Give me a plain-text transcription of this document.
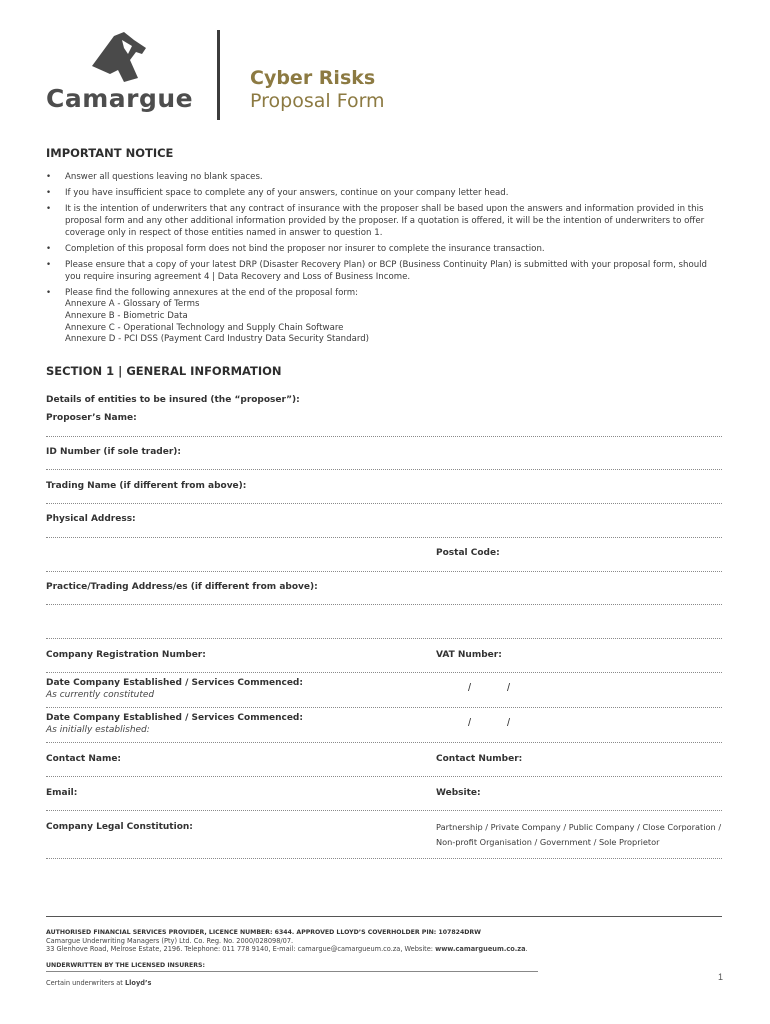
Camargue
Cyber Risks
Proposal Form
IMPORTANT NOTICE
• Answer all questions leaving no blank spaces.
• If you have insufficient space to complete any of your answers, continue on your company letter head.
• It is the intention of underwriters that any contract of insurance with the proposer shall be based upon the answers and information provided in this proposal form and any other additional information provided by the proposer. If a quotation is offered, it will be the intention of underwriters to offer coverage only in respect of those entities named in answer to question 1.
• Completion of this proposal form does not bind the proposer nor insurer to complete the insurance transaction.
• Please ensure that a copy of your latest DRP (Disaster Recovery Plan) or BCP (Business Continuity Plan) is submitted with your proposal form, should you require insuring agreement 4 | Data Recovery and Loss of Business Income.
• Please find the following annexures at the end of the proposal form:
Annexure A - Glossary of Terms
Annexure B - Biometric Data
Annexure C - Operational Technology and Supply Chain Software
Annexure D - PCI DSS (Payment Card Industry Data Security Standard)
SECTION 1 | GENERAL INFORMATION
Details of entities to be insured (the “proposer”):
Proposer’s Name:
ID Number (if sole trader):
Trading Name (if different from above):
Physical Address:
Postal Code:
Practice/Trading Address/es (if different from above):
Company Registration Number:	VAT Number:
Date Company Established / Services Commenced:
As currently constituted
/	/
Date Company Established / Services Commenced:
As initially established:
/	/
Contact Name:	Contact Number:
Email:	Website:
Company Legal Constitution:	Partnership / Private Company / Public Company / Close Corporation /
Non-profit Organisation / Government / Sole Proprietor
AUTHORISED FINANCIAL SERVICES PROVIDER, LICENCE NUMBER: 6344. APPROVED LLOYD’S COVERHOLDER PIN: 107824DRW
Camargue Underwriting Managers (Pty) Ltd. Co. Reg. No. 2000/028098/07.
33 Glenhove Road, Melrose Estate, 2196. Telephone: 011 778 9140, E-mail: camargue@camargueum.co.za, Website: www.camargueum.co.za.
UNDERWRITTEN BY THE LICENSED INSURERS:
Certain underwriters at Lloyd’s
1
